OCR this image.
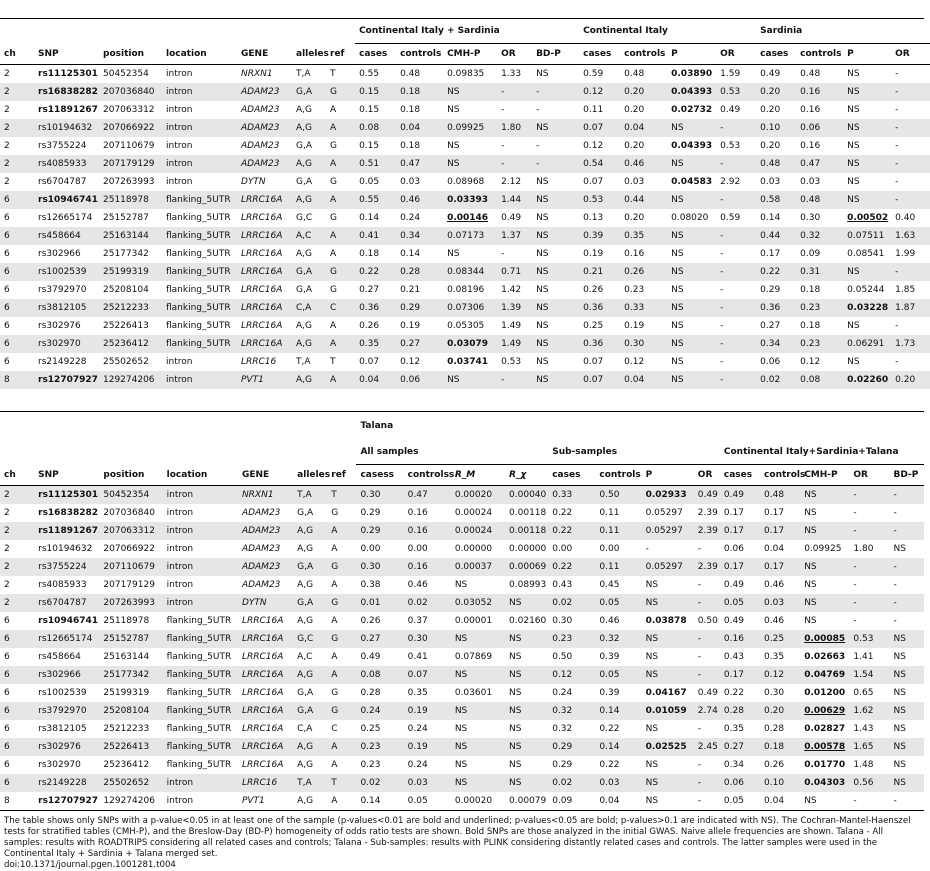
							Continental Italy + Sardinia					Continental Italy				Sardinia			
ch	SNP	position	location	GENE	alleles	ref	cases	controls	CMH-P	OR	BD-P	cases	controls	P	OR	cases	controls	P	OR
2	rs11125301	50452354	intron	NRXN1	T,A	T	0.55	0.48	0.09835	1.33	NS	0.59	0.48	0.03890	1.59	0.49	0.48	NS	-
2	rs16838282	207036840	intron	ADAM23	G,A	G	0.15	0.18	NS	-	-	0.12	0.20	0.04393	0.53	0.20	0.16	NS	-
2	rs11891267	207063312	intron	ADAM23	A,G	A	0.15	0.18	NS	-	-	0.11	0.20	0.02732	0.49	0.20	0.16	NS	-
2	rs10194632	207066922	intron	ADAM23	A,G	A	0.08	0.04	0.09925	1.80	NS	0.07	0.04	NS	-	0.10	0.06	NS	-
2	rs3755224	207110679	intron	ADAM23	G,A	G	0.15	0.18	NS	-	-	0.12	0.20	0.04393	0.53	0.20	0.16	NS	-
2	rs4085933	207179129	intron	ADAM23	A,G	A	0.51	0.47	NS	-	-	0.54	0.46	NS	-	0.48	0.47	NS	-
2	rs6704787	207263993	intron	DYTN	G,A	G	0.05	0.03	0.08968	2.12	NS	0.07	0.03	0.04583	2.92	0.03	0.03	NS	-
6	rs10946741	25118978	flanking_5UTR	LRRC16A	A,G	A	0.55	0.46	0.03393	1.44	NS	0.53	0.44	NS	-	0.58	0.48	NS	-
6	rs12665174	25152787	flanking_5UTR	LRRC16A	G,C	G	0.14	0.24	0.00146	0.49	NS	0.13	0.20	0.08020	0.59	0.14	0.30	0.00502	0.40
6	rs458664	25163144	flanking_5UTR	LRRC16A	A,C	A	0.41	0.34	0.07173	1.37	NS	0.39	0.35	NS	-	0.44	0.32	0.07511	1.63
6	rs302966	25177342	flanking_5UTR	LRRC16A	A,G	A	0.18	0.14	NS	-	NS	0.19	0.16	NS	-	0.17	0.09	0.08541	1.99
6	rs1002539	25199319	flanking_5UTR	LRRC16A	G,A	G	0.22	0.28	0.08344	0.71	NS	0.21	0.26	NS	-	0.22	0.31	NS	-
6	rs3792970	25208104	flanking_5UTR	LRRC16A	G,A	G	0.27	0.21	0.08196	1.42	NS	0.26	0.23	NS	-	0.29	0.18	0.05244	1.85
6	rs3812105	25212233	flanking_5UTR	LRRC16A	C,A	C	0.36	0.29	0.07306	1.39	NS	0.36	0.33	NS	-	0.36	0.23	0.03228	1.87
6	rs302976	25226413	flanking_5UTR	LRRC16A	A,G	A	0.26	0.19	0.05305	1.49	NS	0.25	0.19	NS	-	0.27	0.18	NS	-
6	rs302970	25236412	flanking_5UTR	LRRC16A	A,G	A	0.35	0.27	0.03079	1.49	NS	0.36	0.30	NS	-	0.34	0.23	0.06291	1.73
6	rs2149228	25502652	intron	LRRC16	T,A	T	0.07	0.12	0.03741	0.53	NS	0.07	0.12	NS	-	0.06	0.12	NS	-
8	rs12707927	129274206	intron	PVT1	A,G	A	0.04	0.06	NS	-	NS	0.07	0.04	NS	-	0.02	0.08	0.02260	0.20

							Talana												
							All samples				Sub-samples				Continental Italy+Sardinia+Talana				
ch	SNP	position	location	GENE	alleles	ref	casess	controlss	R_M	R_χ	cases	controls	P	OR	cases	controls	CMH-P	OR	BD-P
2	rs11125301	50452354	intron	NRXN1	T,A	T	0.30	0.47	0.00020	0.00040	0.33	0.50	0.02933	0.49	0.49	0.48	NS	-	-
2	rs16838282	207036840	intron	ADAM23	G,A	G	0.29	0.16	0.00024	0.00118	0.22	0.11	0.05297	2.39	0.17	0.17	NS	-	-
2	rs11891267	207063312	intron	ADAM23	A,G	A	0.29	0.16	0.00024	0.00118	0.22	0.11	0.05297	2.39	0.17	0.17	NS	-	-
2	rs10194632	207066922	intron	ADAM23	A,G	A	0.00	0.00	0.00000	0.00000	0.00	0.00	-	-	0.06	0.04	0.09925	1.80	NS
2	rs3755224	207110679	intron	ADAM23	G,A	G	0.30	0.16	0.00037	0.00069	0.22	0.11	0.05297	2.39	0.17	0.17	NS	-	-
2	rs4085933	207179129	intron	ADAM23	A,G	A	0.38	0.46	NS	0.08993	0.43	0.45	NS	-	0.49	0.46	NS	-	-
2	rs6704787	207263993	intron	DYTN	G,A	G	0.01	0.02	0.03052	NS	0.02	0.05	NS	-	0.05	0.03	NS	-	-
6	rs10946741	25118978	flanking_5UTR	LRRC16A	A,G	A	0.26	0.37	0.00001	0.02160	0.30	0.46	0.03878	0.50	0.49	0.46	NS	-	-
6	rs12665174	25152787	flanking_5UTR	LRRC16A	G,C	G	0.27	0.30	NS	NS	0.23	0.32	NS	-	0.16	0.25	0.00085	0.53	NS
6	rs458664	25163144	flanking_5UTR	LRRC16A	A,C	A	0.49	0.41	0.07869	NS	0.50	0.39	NS	-	0.43	0.35	0.02663	1.41	NS
6	rs302966	25177342	flanking_5UTR	LRRC16A	A,G	A	0.08	0.07	NS	NS	0.12	0.05	NS	-	0.17	0.12	0.04769	1.54	NS
6	rs1002539	25199319	flanking_5UTR	LRRC16A	G,A	G	0.28	0.35	0.03601	NS	0.24	0.39	0.04167	0.49	0.22	0.30	0.01200	0.65	NS
6	rs3792970	25208104	flanking_5UTR	LRRC16A	G,A	G	0.24	0.19	NS	NS	0.32	0.14	0.01059	2.74	0.28	0.20	0.00629	1.62	NS
6	rs3812105	25212233	flanking_5UTR	LRRC16A	C,A	C	0.25	0.24	NS	NS	0.32	0.22	NS	-	0.35	0.28	0.02827	1.43	NS
6	rs302976	25226413	flanking_5UTR	LRRC16A	A,G	A	0.23	0.19	NS	NS	0.29	0.14	0.02525	2.45	0.27	0.18	0.00578	1.65	NS
6	rs302970	25236412	flanking_5UTR	LRRC16A	A,G	A	0.23	0.24	NS	NS	0.29	0.22	NS	-	0.34	0.26	0.01770	1.48	NS
6	rs2149228	25502652	intron	LRRC16	T,A	T	0.02	0.03	NS	NS	0.02	0.03	NS	-	0.06	0.10	0.04303	0.56	NS
8	rs12707927	129274206	intron	PVT1	A,G	A	0.14	0.05	0.00020	0.00079	0.09	0.04	NS	-	0.05	0.04	NS	-	-
The table shows only SNPs with a p-value<0.05 in at least one of the sample (p-values<0.01 are bold and underlined; p-values<0.05 are bold; p-values>0.1 are indicated with NS). The Cochran-Mantel-Haenszel tests for stratified tables (CMH-P), and the Breslow-Day (BD-P) homogeneity of odds ratio tests are shown. Bold SNPs are those analyzed in the initial GWAS. Naive allele frequencies are shown. Talana - All samples: results with ROADTRIPS considering all related cases and controls; Talana - Sub-samples: results with PLINK considering distantly related cases and controls. The latter samples were used in the Continental Italy + Sardinia + Talana merged set.
doi:10.1371/journal.pgen.1001281.t004
